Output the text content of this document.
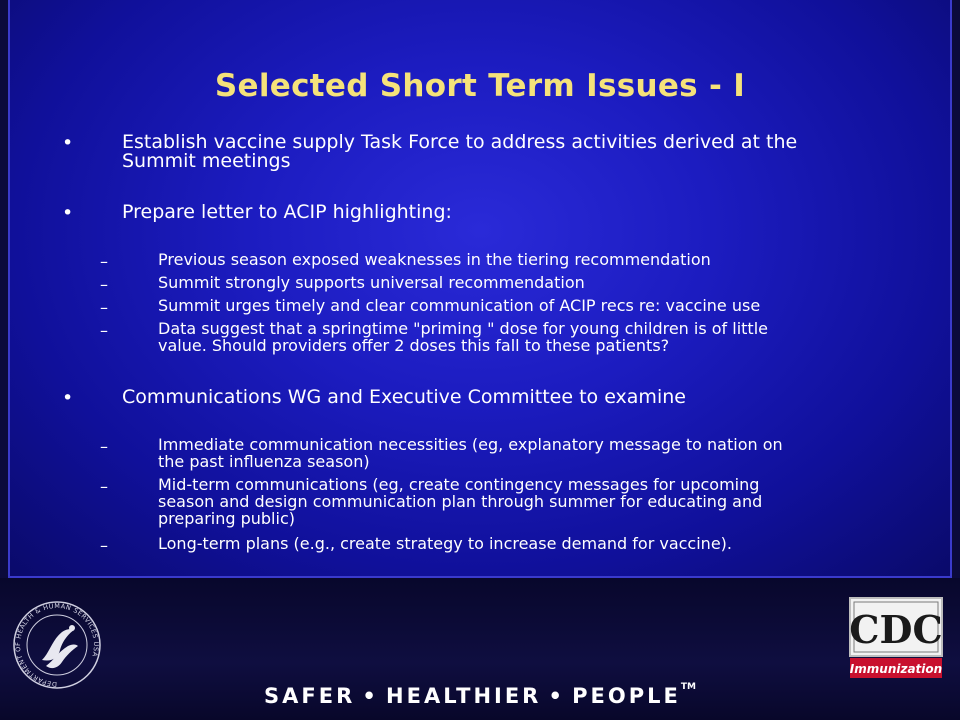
Selected Short Term Issues - I
•	Establish vaccine supply Task Force to address activities derived at the
Summit meetings
•	Prepare letter to ACIP highlighting:
–	Previous season exposed weaknesses in the tiering recommendation
–	Summit strongly supports universal recommendation
–	Summit urges timely and clear communication of ACIP recs re: vaccine use
–	Data suggest that a springtime "priming " dose for young children is of little
value. Should providers offer 2 doses this fall to these patients?
•	Communications WG and Executive Committee to examine
–	Immediate communication necessities (eg, explanatory message to nation on
the past influenza season)
–	Mid-term communications (eg, create contingency messages for upcoming
season and design communication plan through summer for educating and
preparing public)
–	Long-term plans (e.g., create strategy to increase demand for vaccine).
DEPARTMENT OF HEALTH & HUMAN SERVICES USA
CDC
Immunization
SAFER • HEALTHIER • PEOPLE™
